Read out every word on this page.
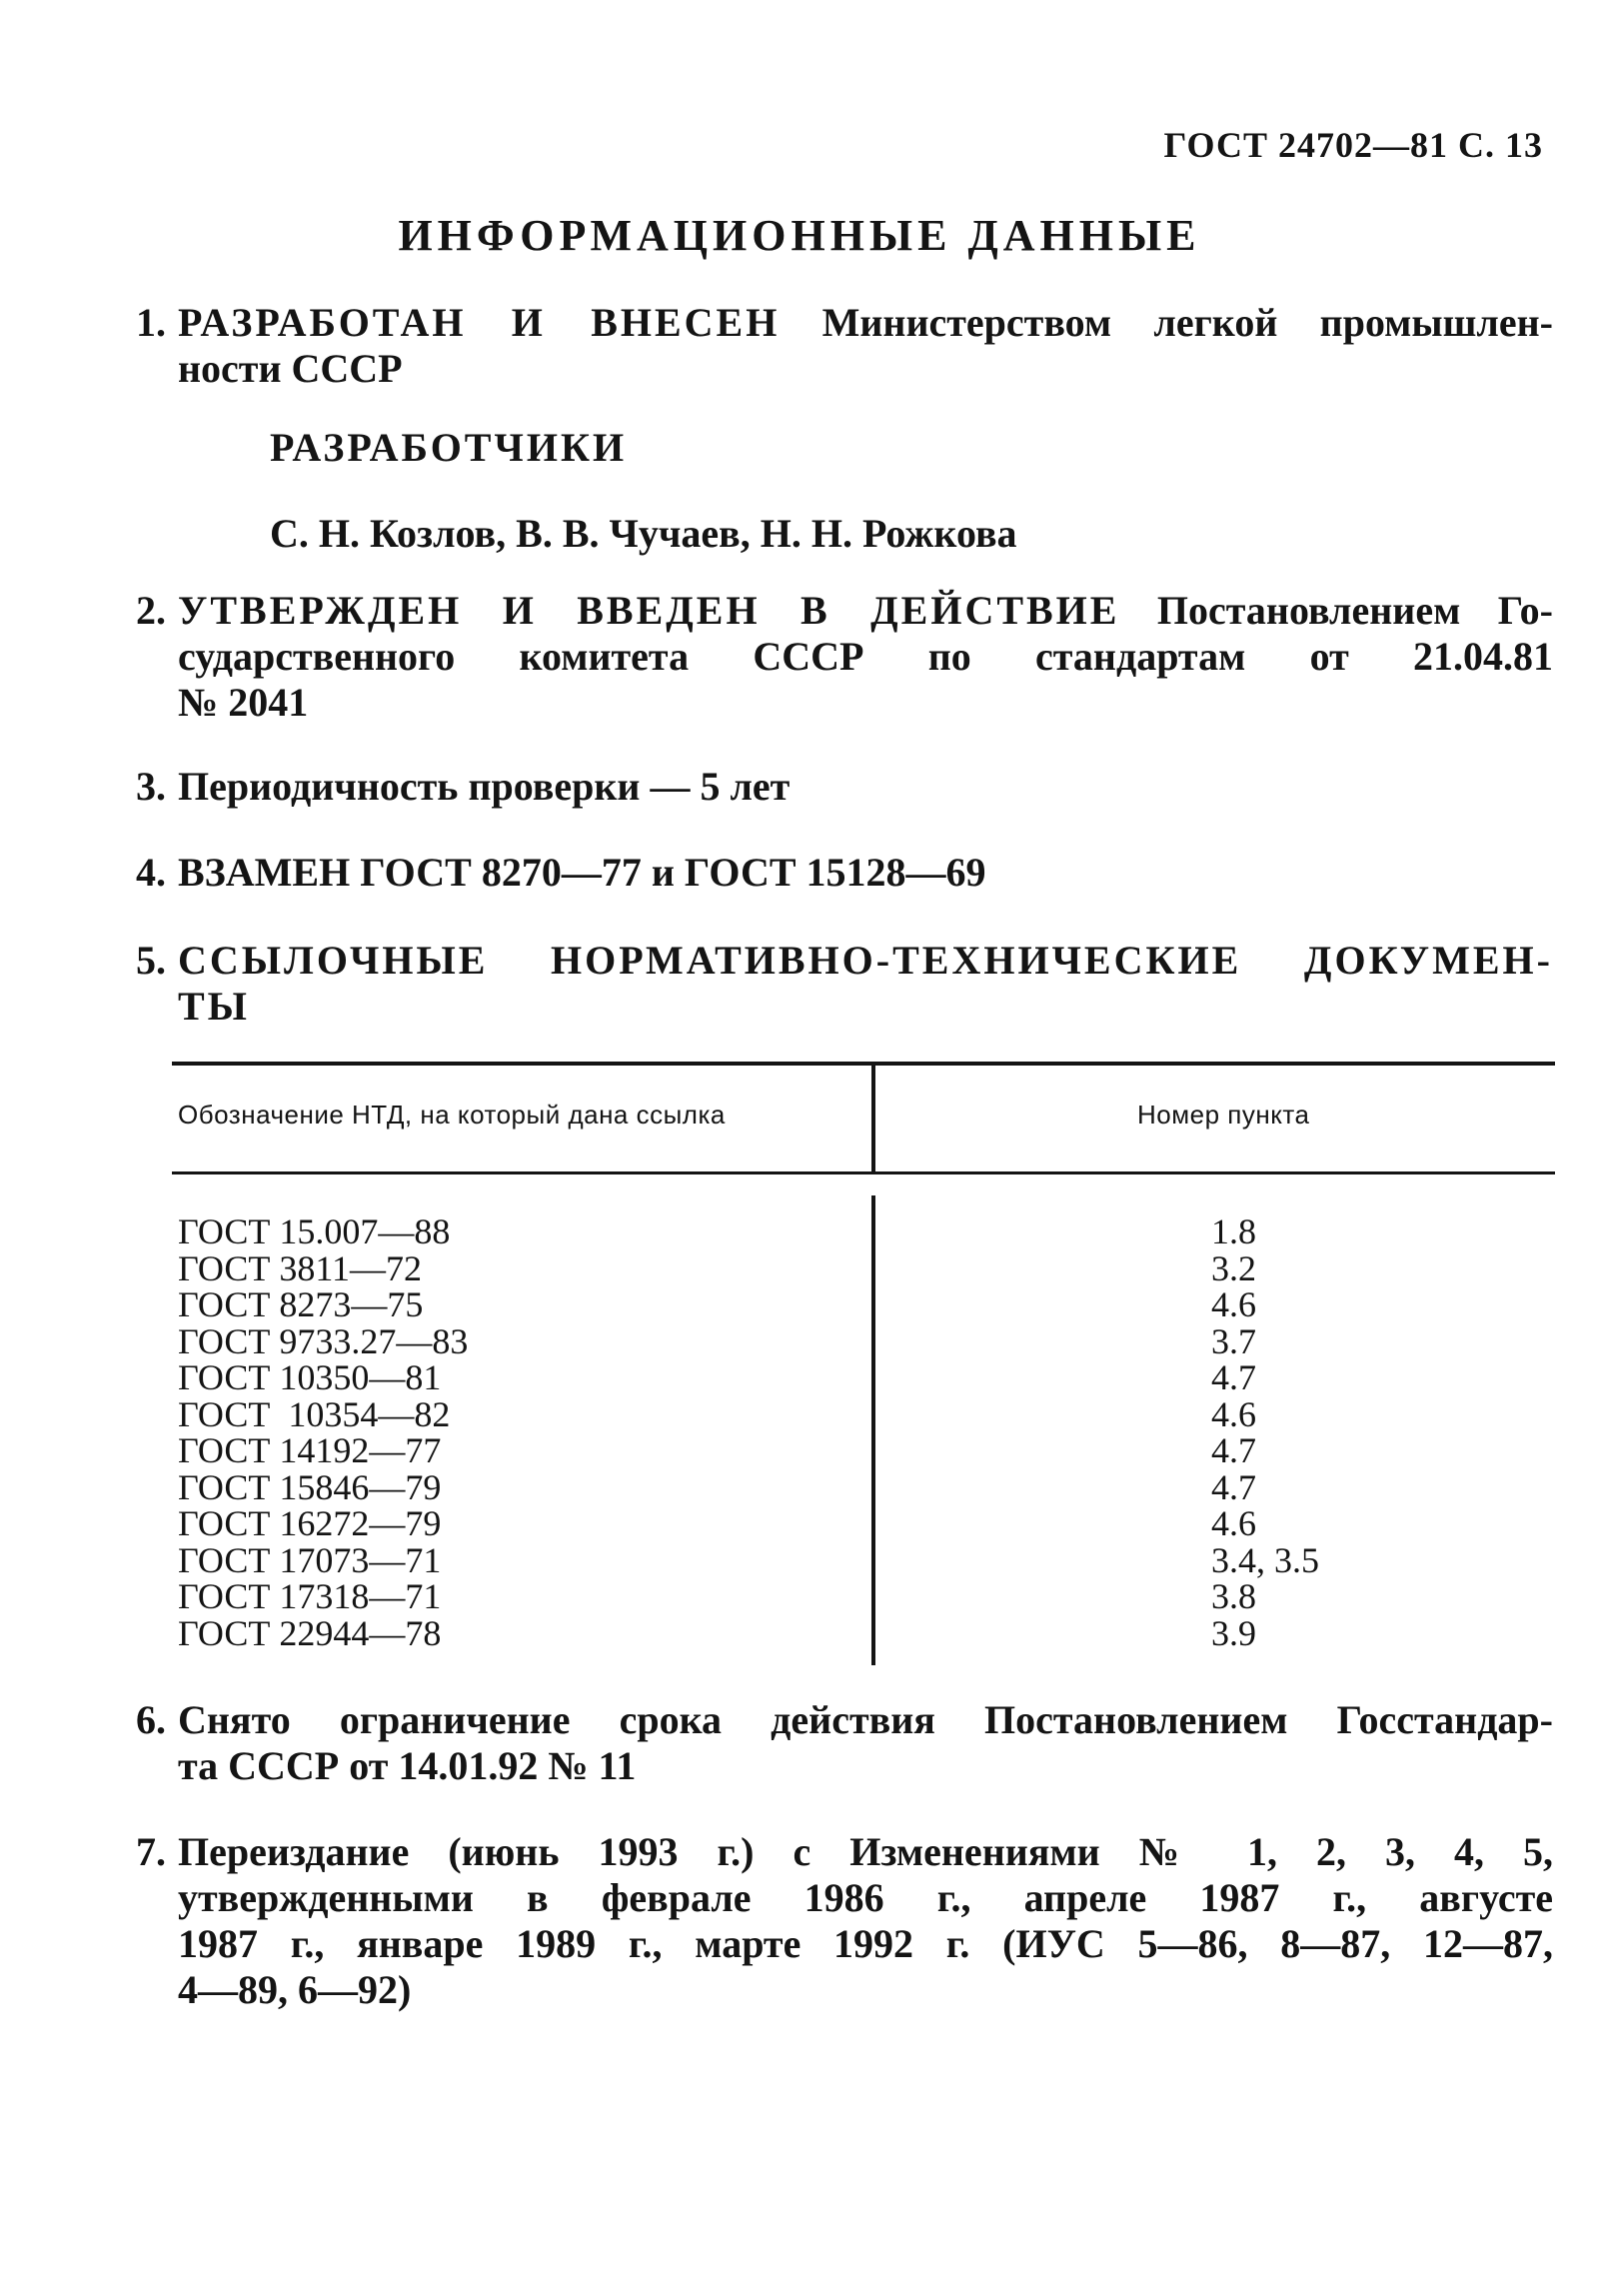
ГОСТ 24702—81 С. 13
ИНФОРМАЦИОННЫЕ ДАННЫЕ
1. РАЗРАБОТАН И ВНЕСЕН Министерством легкой промышлен-
ности СССР
РАЗРАБОТЧИКИ
С. Н. Козлов, В. В. Чучаев, Н. Н. Рожкова
2. УТВЕРЖДЕН И ВВЕДЕН В ДЕЙСТВИЕ Постановлением Го-
сударственного комитета СССР по стандартам от 21.04.81
№ 2041
3. Периодичность проверки — 5 лет
4. ВЗАМЕН ГОСТ 8270—77 и ГОСТ 15128—69
5. ССЫЛОЧНЫЕ НОРМАТИВНО-ТЕХНИЧЕСКИЕ ДОКУМЕН-
ТЫ
Обозначение НТД, на который дана ссылка	Номер пункта
ГОСТ 15.007—88	1.8
ГОСТ 3811—72	3.2
ГОСТ 8273—75	4.6
ГОСТ 9733.27—83	3.7
ГОСТ 10350—81	4.7
ГОСТ  10354—82	4.6
ГОСТ 14192—77	4.7
ГОСТ 15846—79	4.7
ГОСТ 16272—79	4.6
ГОСТ 17073—71	3.4, 3.5
ГОСТ 17318—71	3.8
ГОСТ 22944—78	3.9
6. Снято ограничение срока действия Постановлением Госстандар-
та СССР от 14.01.92 № 11
7. Переиздание (июнь 1993 г.) с Изменениями № 1, 2, 3, 4, 5,
утвержденными в феврале 1986 г., апреле 1987 г., августе
1987 г., январе 1989 г., марте 1992 г. (ИУС 5—86, 8—87, 12—87,
4—89, 6—92)
